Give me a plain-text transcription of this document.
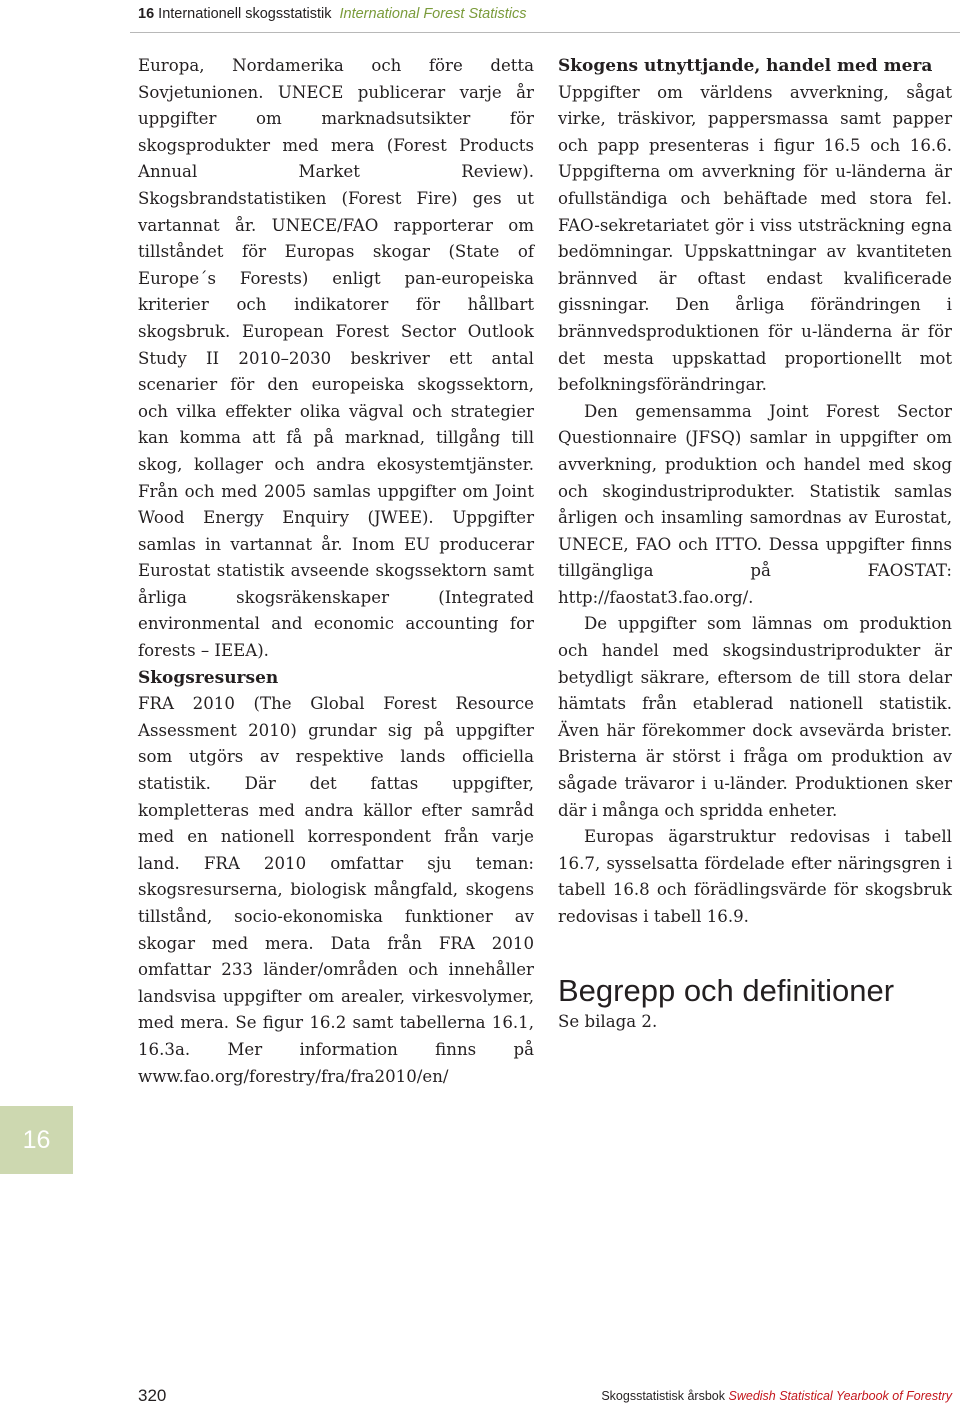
16 Internationell skogsstatistik International Forest Statistics

Europa, Nordamerika och före detta Sovjetunionen. UNECE publicerar varje år uppgifter om marknadsutsikter för skogsprodukter med mera (Forest Products Annual Market Review). Skogsbrandstatistiken (Forest Fire) ges ut vartannat år. UNECE/FAO rapporterar om tillståndet för Europas skogar (State of Europe´s Forests) enligt pan-europeiska kriterier och indikatorer för hållbart skogsbruk. European Forest Sector Outlook Study II 2010–2030 beskriver ett antal scenarier för den europeiska skogssektorn, och vilka effekter olika vägval och strategier kan komma att få på marknad, tillgång till skog, kollager och andra ekosystemtjänster. Från och med 2005 samlas uppgifter om Joint Wood Energy Enquiry (JWEE). Uppgifter samlas in vartannat år. Inom EU producerar Eurostat statistik avseende skogssektorn samt årliga skogsräkenskaper (Integrated environmental and economic accounting for forests – IEEA).

Skogsresursen

FRA 2010 (The Global Forest Resource Assessment 2010) grundar sig på uppgifter som utgörs av respektive lands officiella statistik. Där det fattas uppgifter, kompletteras med andra källor efter samråd med en nationell korrespondent från varje land. FRA 2010 omfattar sju teman: skogsresurserna, biologisk mångfald, skogens tillstånd, socio-ekonomiska funktioner av skogar med mera. Data från FRA 2010 omfattar 233 länder/områden och innehåller landsvisa uppgifter om arealer, virkesvolymer, med mera. Se figur 16.2 samt tabellerna 16.1, 16.3a. Mer information finns på www.fao.org/forestry/fra/fra2010/en/

Skogens utnyttjande, handel med mera

Uppgifter om världens avverkning, sågat virke, träskivor, pappersmassa samt papper och papp presenteras i figur 16.5 och 16.6. Uppgifterna om avverkning för u-länderna är ofullständiga och behäftade med stora fel. FAO-sekretariatet gör i viss utsträckning egna bedömningar. Uppskattningar av kvantiteten brännved är oftast endast kvalificerade gissningar. Den årliga förändringen i brännvedsproduktionen för u-länderna är för det mesta uppskattad proportionellt mot befolkningsförändringar.

Den gemensamma Joint Forest Sector Questionnaire (JFSQ) samlar in uppgifter om avverkning, produktion och handel med skog och skogindustriprodukter. Statistik samlas årligen och insamling samordnas av Eurostat, UNECE, FAO och ITTO. Dessa uppgifter finns tillgängliga på FAOSTAT: http://faostat3.fao.org/.

De uppgifter som lämnas om produktion och handel med skogsindustriprodukter är betydligt säkrare, eftersom de till stora delar hämtats från etablerad nationell statistik. Även här förekommer dock avsevärda brister. Bristerna är störst i fråga om produktion av sågade trävaror i u-länder. Produktionen sker där i många och spridda enheter.

Europas ägarstruktur redovisas i tabell 16.7, sysselsatta fördelade efter näringsgren i tabell 16.8 och förädlingsvärde för skogsbruk redovisas i tabell 16.9.

Begrepp och definitioner

Se bilaga 2.

16
320	Skogsstatistisk årsbok Swedish Statistical Yearbook of Forestry
